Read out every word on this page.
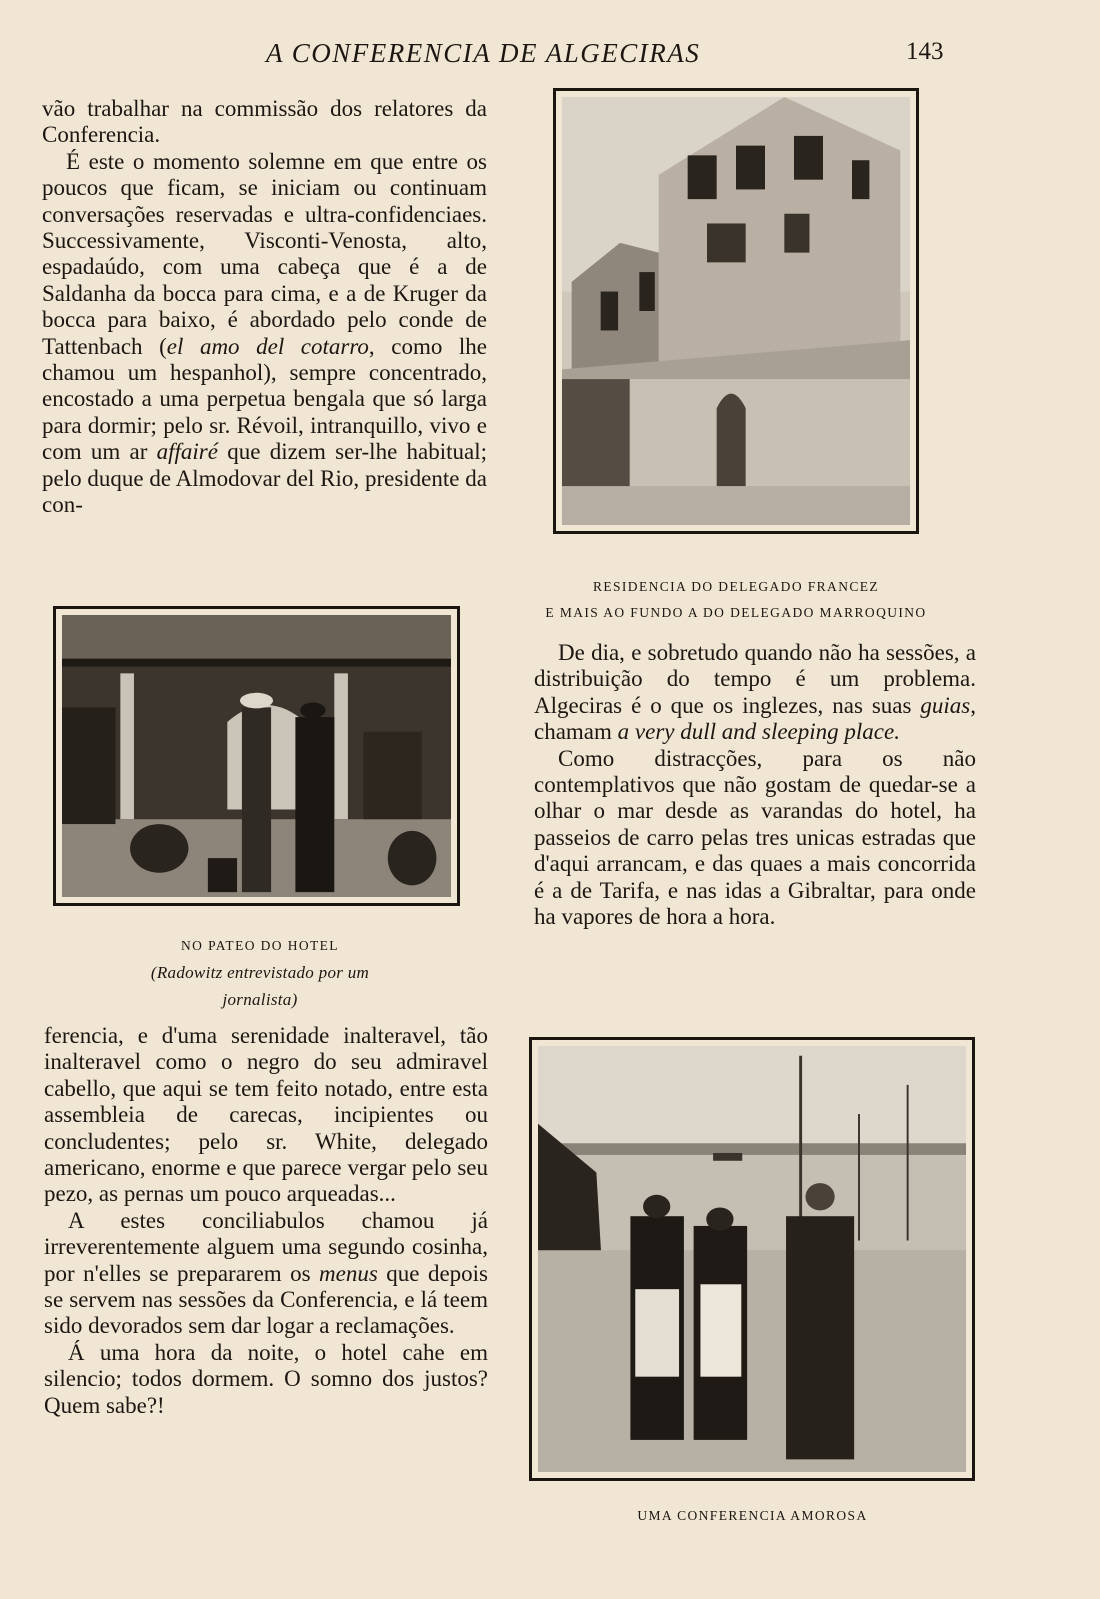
A CONFERENCIA DE ALGECIRAS	143

vão trabalhar na commissão dos relatores da Conferencia.

É este o momento solemne em que entre os poucos que ficam, se iniciam ou continuam conversações reservadas e ultra-confidenciaes. Successivamente, Visconti-Venosta, alto, espadaúdo, com uma cabeça que é a de Saldanha da bocca para cima, e a de Kruger da bocca para baixo, é abordado pelo conde de Tattenbach (el amo del cotarro, como lhe chamou um hespanhol), sempre concentrado, encostado a uma perpetua bengala que só larga para dormir; pelo sr. Révoil, intranquillo, vivo e com um ar affairé que dizem ser-lhe habitual; pelo duque de Almodovar del Rio, presidente da con-

RESIDENCIA DO DELEGADO FRANCEZ
E MAIS AO FUNDO A DO DELEGADO MARROQUINO
NO PATEO DO HOTEL
(Radowitz entrevistado por um jornalista)

ferencia, e d'uma serenidade inalteravel, tão inalteravel como o negro do seu admiravel cabello, que aqui se tem feito notado, entre esta assembleia de carecas, incipientes ou concludentes; pelo sr. White, delegado americano, enorme e que parece vergar pelo seu pezo, as pernas um pouco arqueadas...

A estes conciliabulos chamou já irreverentemente alguem uma segundo cosinha, por n'elles se prepararem os menus que depois se servem nas sessões da Conferencia, e lá teem sido devorados sem dar logar a reclamações.

Á uma hora da noite, o hotel cahe em silencio; todos dormem. O somno dos justos? Quem sabe?!

De dia, e sobretudo quando não ha sessões, a distribuição do tempo é um problema. Algeciras é o que os inglezes, nas suas guias, chamam a very dull and sleeping place.

Como distracções, para os não contemplativos que não gostam de quedar-se a olhar o mar desde as varandas do hotel, ha passeios de carro pelas tres unicas estradas que d'aqui arrancam, e das quaes a mais concorrida é a de Tarifa, e nas idas a Gibraltar, para onde ha vapores de hora a hora.

UMA CONFERENCIA AMOROSA
